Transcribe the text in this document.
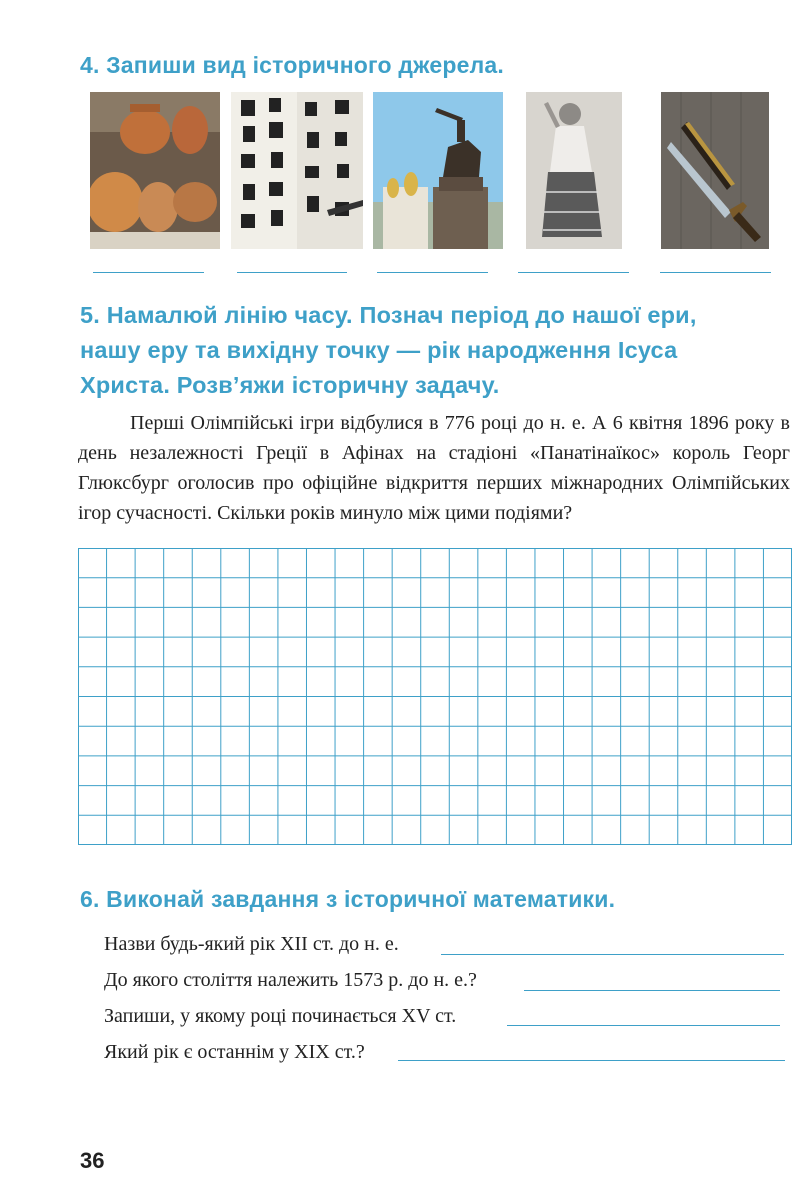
4. Запиши вид історичного джерела.
5. Намалюй лінію часу. Познач період до нашої ери, нашу еру та вихідну точку — рік народження Ісуса Христа. Розв’яжи історичну задачу.

Перші Олімпійські ігри відбулися в 776 році до н. е. А 6 квітня 1896 року в день незалежності Греції в Афінах на стадіоні «Панатінаїкос» король Георг Глюксбург оголосив про офіційне відкриття перших міжнародних Олімпійських ігор сучасності. Скільки років минуло між цими подіями?

6. Виконай завдання з історичної математики.
Назви будь-який рік XII ст. до н. е.
До якого століття належить 1573 р. до н. е.?
Запиши, у якому році починається XV ст.
Який рік є останнім у XIX ст.?
36
